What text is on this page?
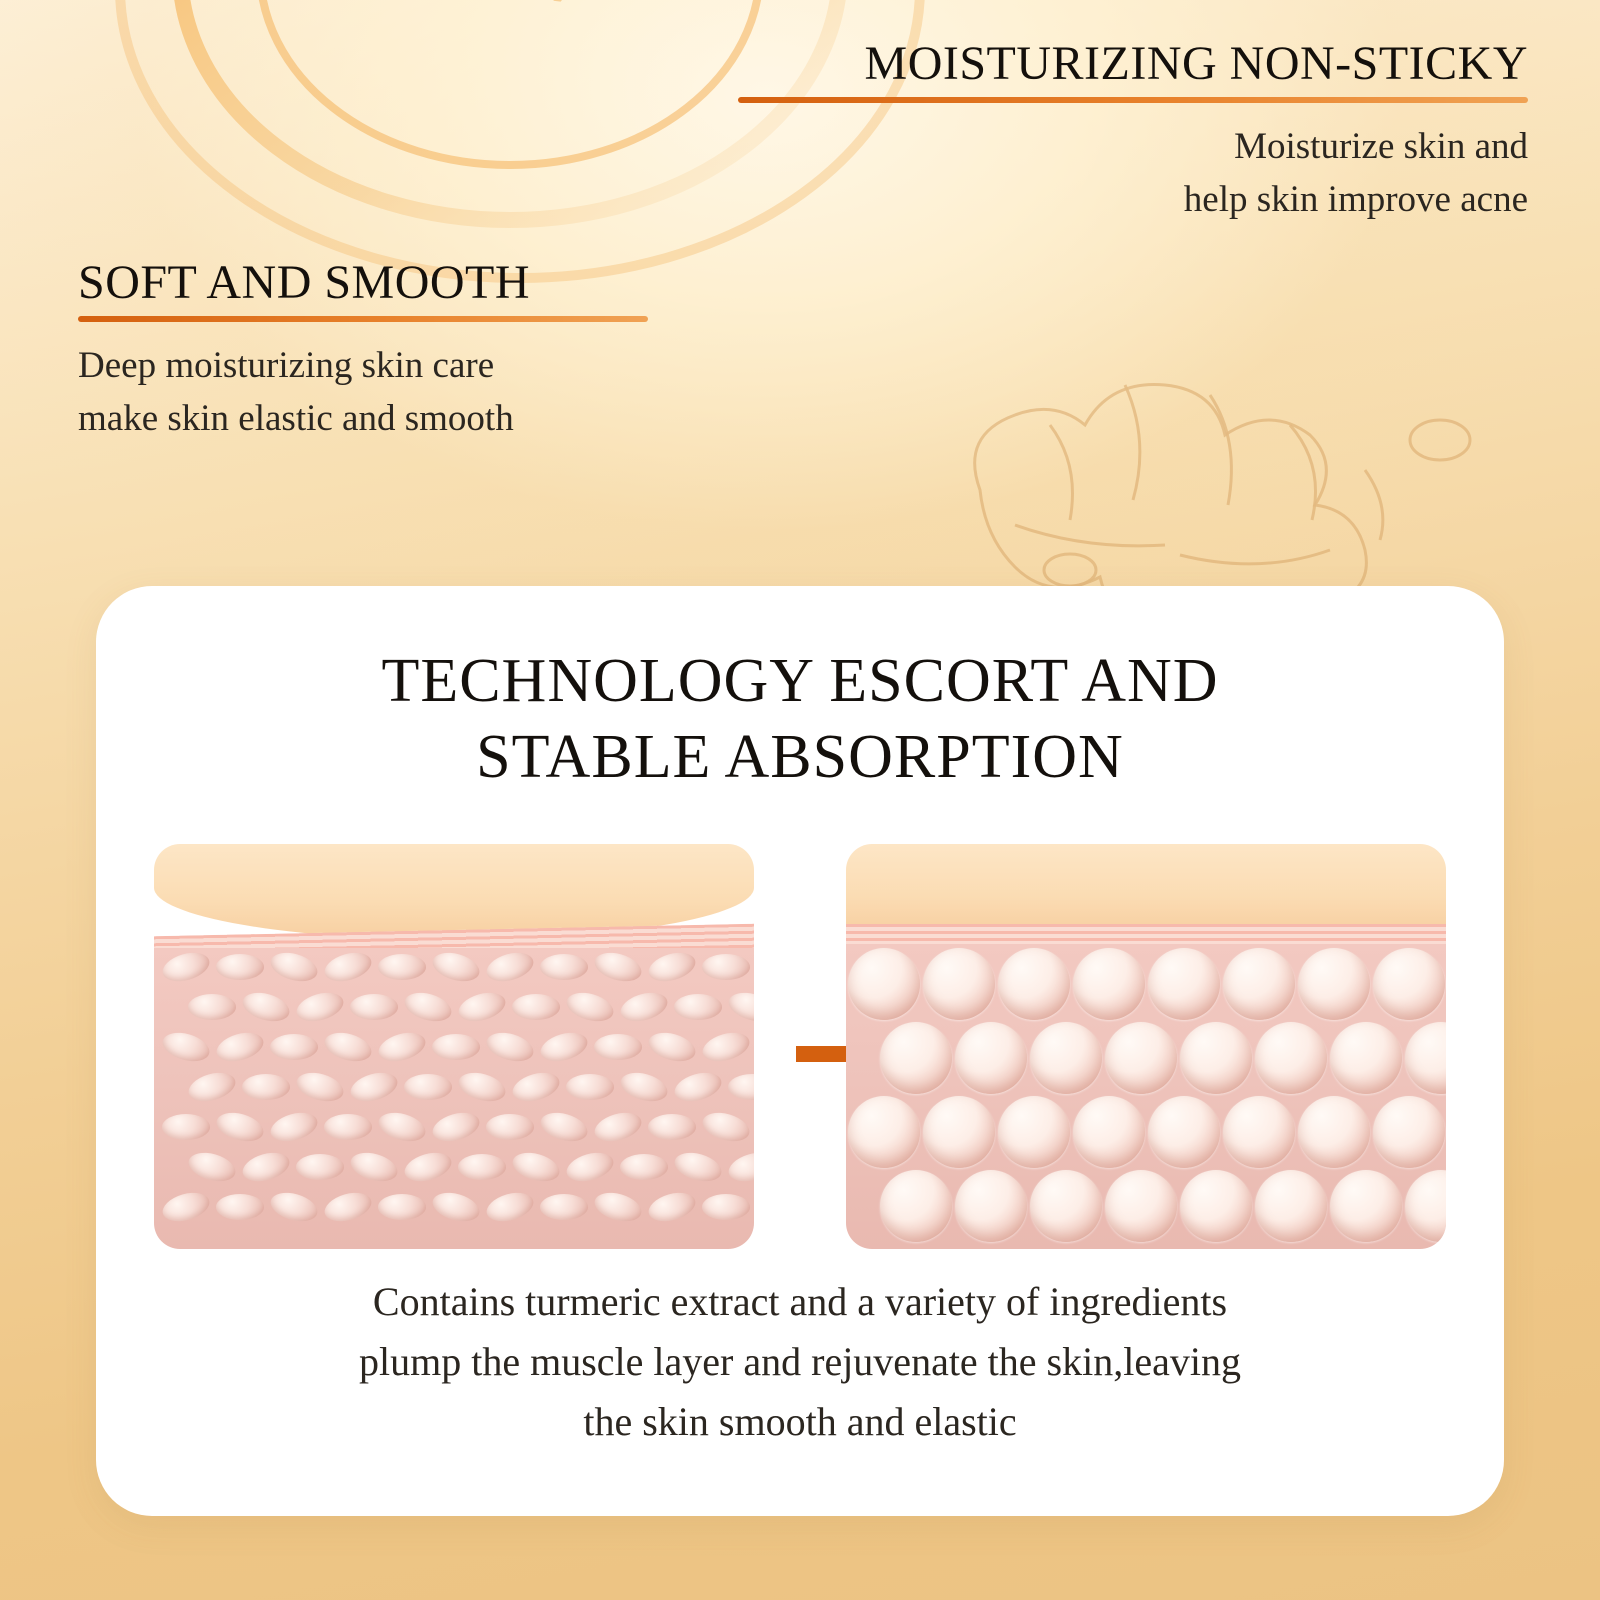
MOISTURIZING NON-STICKY
Moisturize skin and
help skin improve acne
SOFT AND SMOOTH
Deep moisturizing skin care
make skin elastic and smooth
TECHNOLOGY ESCORT AND
STABLE ABSORPTION
Contains turmeric extract and a variety of ingredients
plump the muscle layer and rejuvenate the skin,leaving
the skin smooth and elastic
